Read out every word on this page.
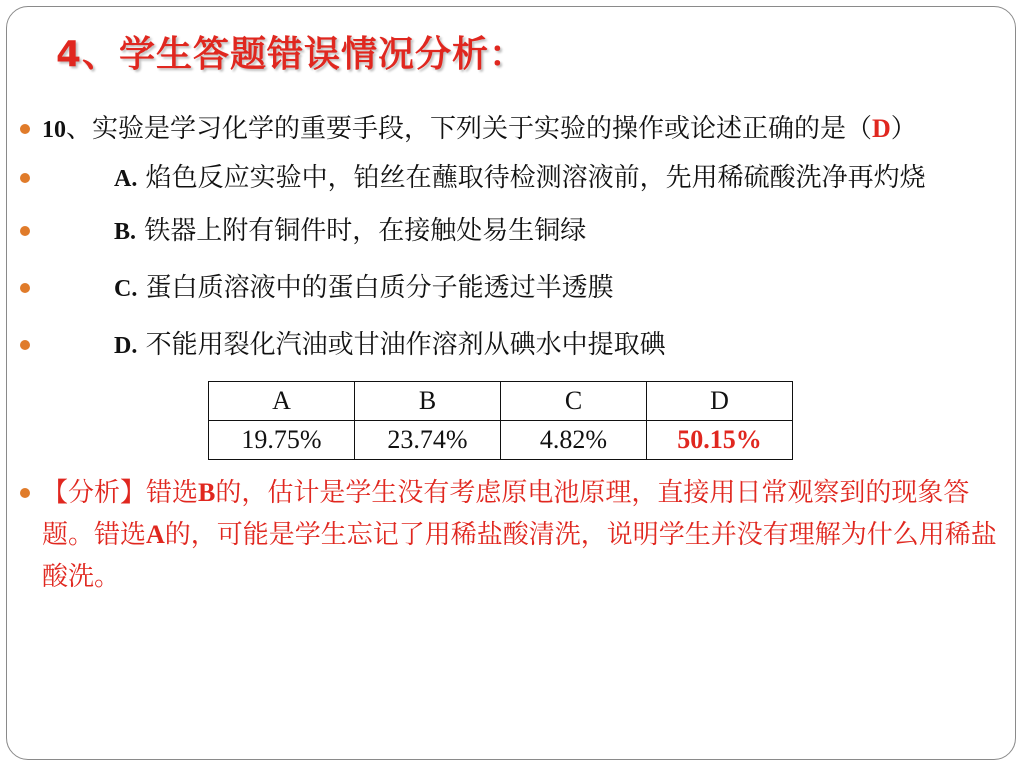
4、学生答题错误情况分析：
10、实验是学习化学的重要手段，下列关于实验的操作或论述正确的是（D）
A. 焰色反应实验中，铂丝在蘸取待检测溶液前，先用稀硫酸洗净再灼烧
B. 铁器上附有铜件时，在接触处易生铜绿
C. 蛋白质溶液中的蛋白质分子能透过半透膜
D. 不能用裂化汽油或甘油作溶剂从碘水中提取碘
A	B	C	D
19.75%	23.74%	4.82%	50.15%
【分析】错选B的，估计是学生没有考虑原电池原理，直接用日常观察到的现象答题。错选A的，可能是学生忘记了用稀盐酸清洗，说明学生并没有理解为什么用稀盐酸洗。
